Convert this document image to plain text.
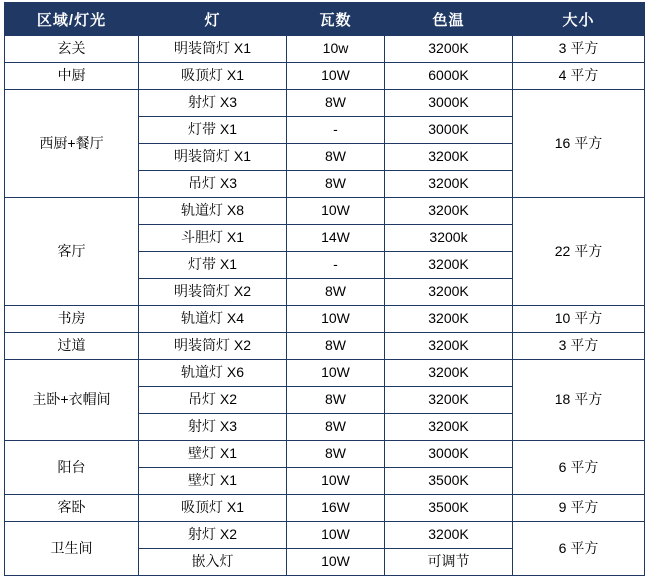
区域/灯光	灯	瓦数	色温	大小
玄关	明装筒灯 X1	10w	3200K	3 平方
中厨	吸顶灯 X1	10W	6000K	4 平方
西厨+餐厅	射灯 X3	8W	3000K	16 平方
	灯带 X1	-	3000K	
	明装筒灯 X1	8W	3200K	
	吊灯 X3	8W	3200K	
客厅	轨道灯 X8	10W	3200K	22 平方
	斗胆灯 X1	14W	3200k	
	灯带 X1	-	3200K	
	明装筒灯 X2	8W	3200K	
书房	轨道灯 X4	10W	3200K	10 平方
过道	明装筒灯 X2	8W	3200K	3 平方
主卧+衣帽间	轨道灯 X6	10W	3200K	18 平方
	吊灯 X2	8W	3200K	
	射灯 X3	8W	3200K	
阳台	壁灯 X1	8W	3000K	6 平方
	壁灯 X1	10W	3500K	
客卧	吸顶灯 X1	16W	3500K	9 平方
卫生间	射灯 X2	10W	3200K	6 平方
	嵌入灯	10W	可调节	
